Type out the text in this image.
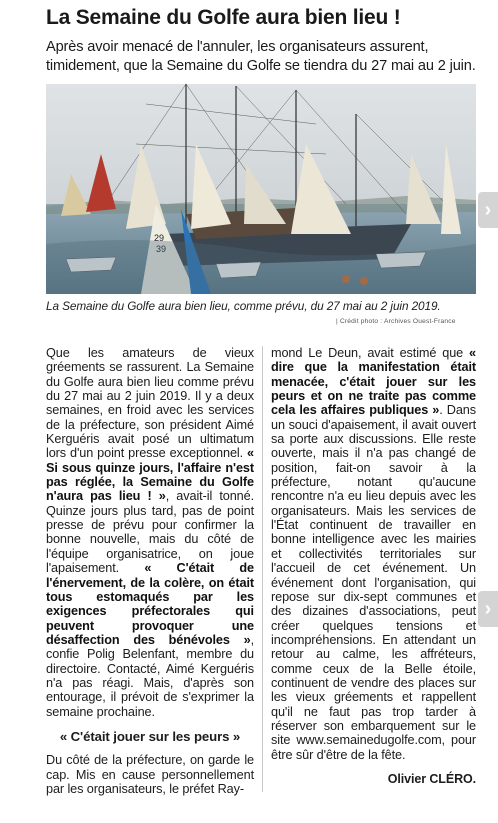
La Semaine du Golfe aura bien lieu !
Après avoir menacé de l'annuler, les organisateurs assurent, timidement, que la Semaine du Golfe se tiendra du 27 mai au 2 juin.
29
39
La Semaine du Golfe aura bien lieu, comme prévu, du 27 mai au 2 juin 2019.
| Crédit photo : Archives Ouest-France

Que les amateurs de vieux gréements se rassurent. La Semaine du Golfe aura bien lieu comme prévu du 27 mai au 2 juin 2019. Il y a deux semaines, en froid avec les services de la préfecture, son président Aimé Kerguéris avait posé un ultimatum lors d'un point presse exceptionnel. « Si sous quinze jours, l'affaire n'est pas réglée, la Semaine du Golfe n'aura pas lieu ! », avait-il tonné. Quinze jours plus tard, pas de point presse de prévu pour confirmer la bonne nouvelle, mais du côté de l'équipe organisatrice, on joue l'apaisement. « C'était de l'énervement, de la colère, on était tous estomaqués par les exigences préfectorales qui peuvent provoquer une désaffection des bénévoles », confie Polig Belenfant, membre du directoire. Contacté, Aimé Kerguéris n'a pas réagi. Mais, d'après son entourage, il prévoit de s'exprimer la semaine prochaine.

« C'était jouer sur les peurs »

Du côté de la préfecture, on garde le cap. Mis en cause personnellement par les organisateurs, le préfet Ray-

mond Le Deun, avait estimé que « dire que la manifestation était menacée, c'était jouer sur les peurs et on ne traite pas comme cela les affaires publiques ». Dans un souci d'apaisement, il avait ouvert sa porte aux discussions. Elle reste ouverte, mais il n'a pas changé de position, fait-on savoir à la préfecture, notant qu'aucune rencontre n'a eu lieu depuis avec les organisateurs. Mais les services de l'État continuent de travailler en bonne intelligence avec les mairies et collectivités territoriales sur l'accueil de cet événement. Un événement dont l'organisation, qui repose sur dix-sept communes et des dizaines d'associations, peut créer quelques tensions et incompréhensions. En attendant un retour au calme, les affréteurs, comme ceux de la Belle étoile, continuent de vendre des places sur les vieux gréements et rappellent qu'il ne faut pas trop tarder à réserver son embarquement sur le site www.semainedugolfe.com, pour être sûr d'être de la fête.

Olivier CLÉRO.

›
›
